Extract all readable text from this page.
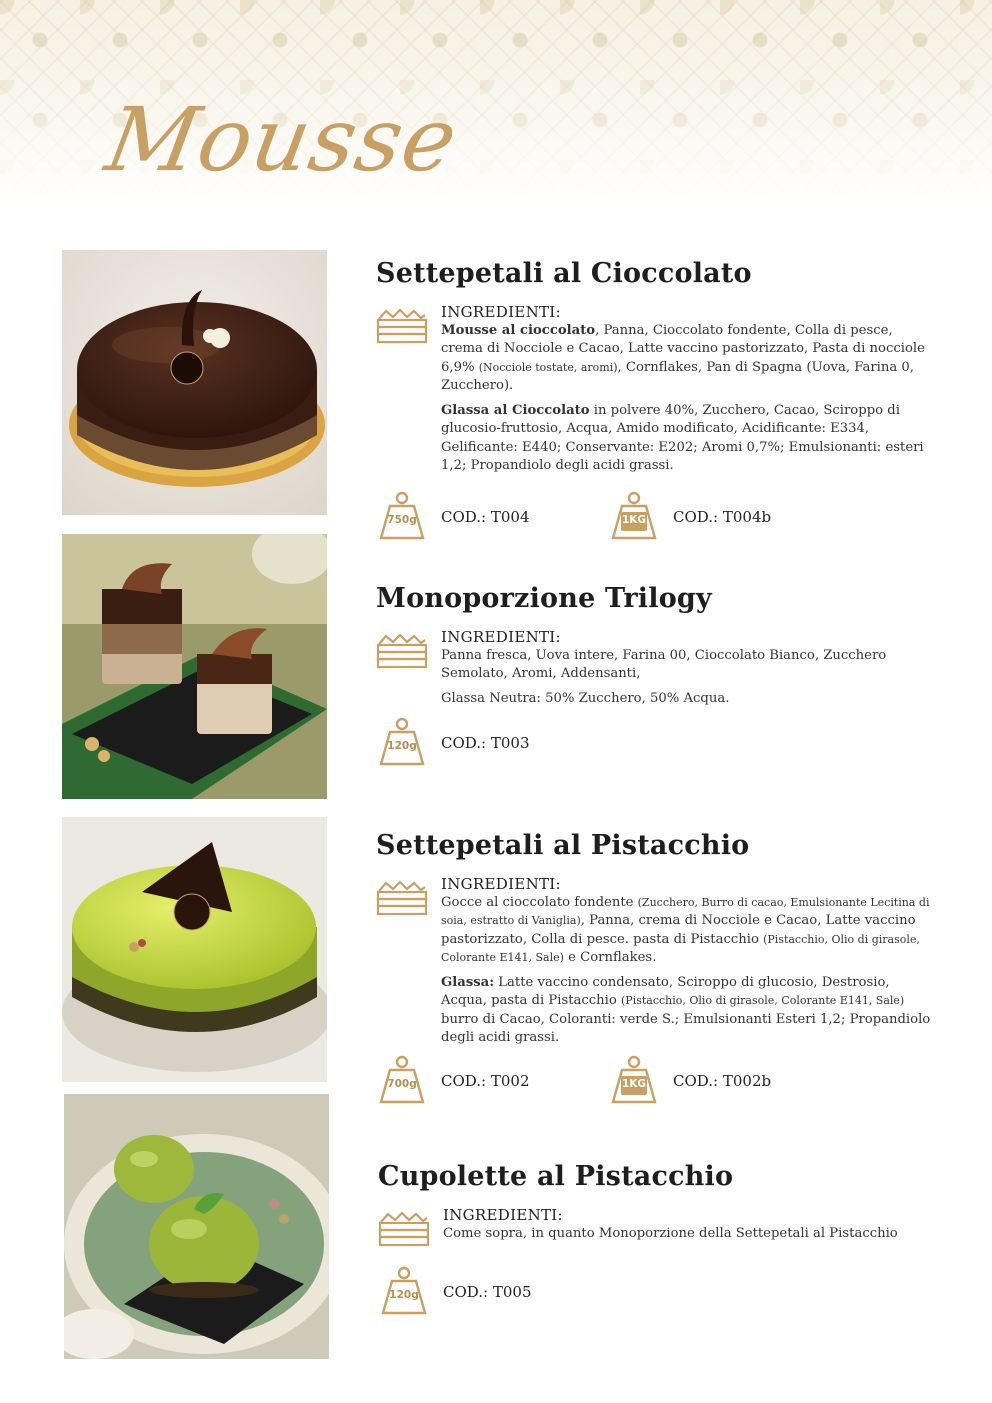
Mousse
Settepetali al Cioccolato
INGREDIENTI:

Mousse al cioccolato, Panna, Cioccolato fondente, Colla di pesce, crema di Nocciole e Cacao, Latte vaccino pastorizzato, Pasta di nocciole 6,9% (Nocciole tostate, aromi), Cornflakes, Pan di Spagna (Uova, Farina 0, Zucchero).

Glassa al Cioccolato in polvere 40%, Zucchero, Cacao, Sciroppo di glucosio-fruttosio, Acqua, Amido modificato, Acidificante: E334, Gelificante: E440; Conservante: E202; Aromi 0,7%; Emulsionanti: esteri 1,2; Propandiolo degli acidi grassi.

750g	COD.: T004	1KG	COD.: T004b
Monoporzione Trilogy
INGREDIENTI:

Panna fresca, Uova intere, Farina 00, Cioccolato Bianco, Zucchero Semolato, Aromi, Addensanti,

Glassa Neutra: 50% Zucchero, 50% Acqua.

120g	COD.: T003
Settepetali al Pistacchio
INGREDIENTI:

Gocce al cioccolato fondente (Zucchero, Burro di cacao, Emulsionante Lecitina di soia, estratto di Vaniglia), Panna, crema di Nocciole e Cacao, Latte vaccino pastorizzato, Colla di pesce. pasta di Pistacchio (Pistacchio, Olio di girasole, Colorante E141, Sale) e Cornflakes.

Glassa: Latte vaccino condensato, Sciroppo di glucosio, Destrosio, Acqua, pasta di Pistacchio (Pistacchio, Olio di girasole, Colorante E141, Sale) burro di Cacao, Coloranti: verde S.; Emulsionanti Esteri 1,2; Propandiolo degli acidi grassi.

700g	COD.: T002	1KG	COD.: T002b
Cupolette al Pistacchio
INGREDIENTI:

Come sopra, in quanto Monoporzione della Settepetali al Pistacchio

120g	COD.: T005
